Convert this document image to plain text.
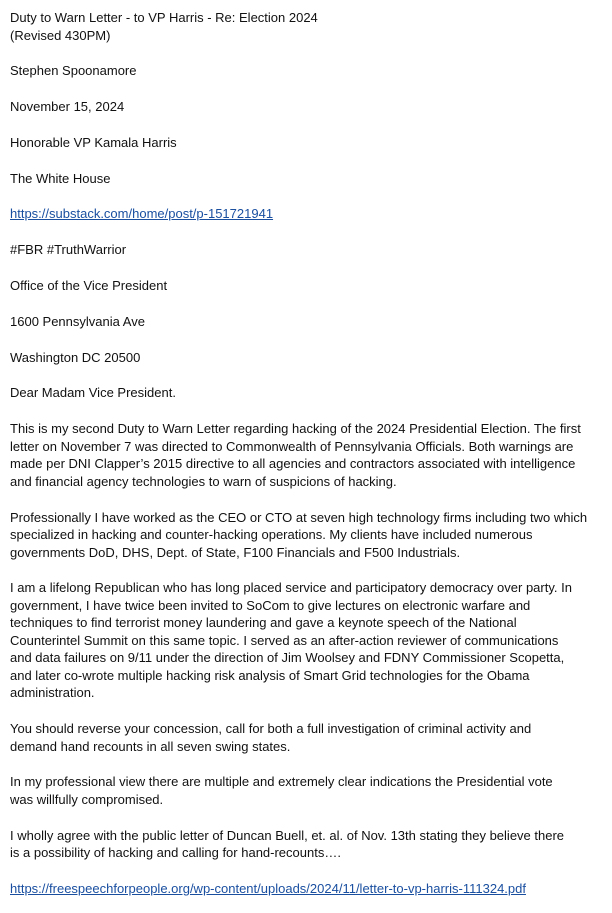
Duty to Warn Letter - to VP Harris - Re: Election 2024

(Revised 430PM)

Stephen Spoonamore

November 15, 2024

Honorable VP Kamala Harris

The White House

https://substack.com/home/post/p-151721941

#FBR #TruthWarrior

Office of the Vice President

1600 Pennsylvania Ave

Washington DC 20500

Dear Madam Vice President.

This is my second Duty to Warn Letter regarding hacking of the 2024 Presidential Election. The first

letter on November 7 was directed to Commonwealth of Pennsylvania Officials. Both warnings are

made per DNI Clapper’s 2015 directive to all agencies and contractors associated with intelligence

and financial agency technologies to warn of suspicions of hacking.

Professionally I have worked as the CEO or CTO at seven high technology firms including two which

specialized in hacking and counter-hacking operations. My clients have included numerous

governments DoD, DHS, Dept. of State, F100 Financials and F500 Industrials.

I am a lifelong Republican who has long placed service and participatory democracy over party. In

government, I have twice been invited to SoCom to give lectures on electronic warfare and

techniques to find terrorist money laundering and gave a keynote speech of the National

Counterintel Summit on this same topic. I served as an after-action reviewer of communications

and data failures on 9/11 under the direction of Jim Woolsey and FDNY Commissioner Scopetta,

and later co-wrote multiple hacking risk analysis of Smart Grid technologies for the Obama

administration.

You should reverse your concession, call for both a full investigation of criminal activity and

demand hand recounts in all seven swing states.

In my professional view there are multiple and extremely clear indications the Presidential vote

was willfully compromised.

I wholly agree with the public letter of Duncan Buell, et. al. of Nov. 13th stating they believe there

is a possibility of hacking and calling for hand-recounts….

https://freespeechforpeople.org/wp-content/uploads/2024/11/letter-to-vp-harris-111324.pdf
